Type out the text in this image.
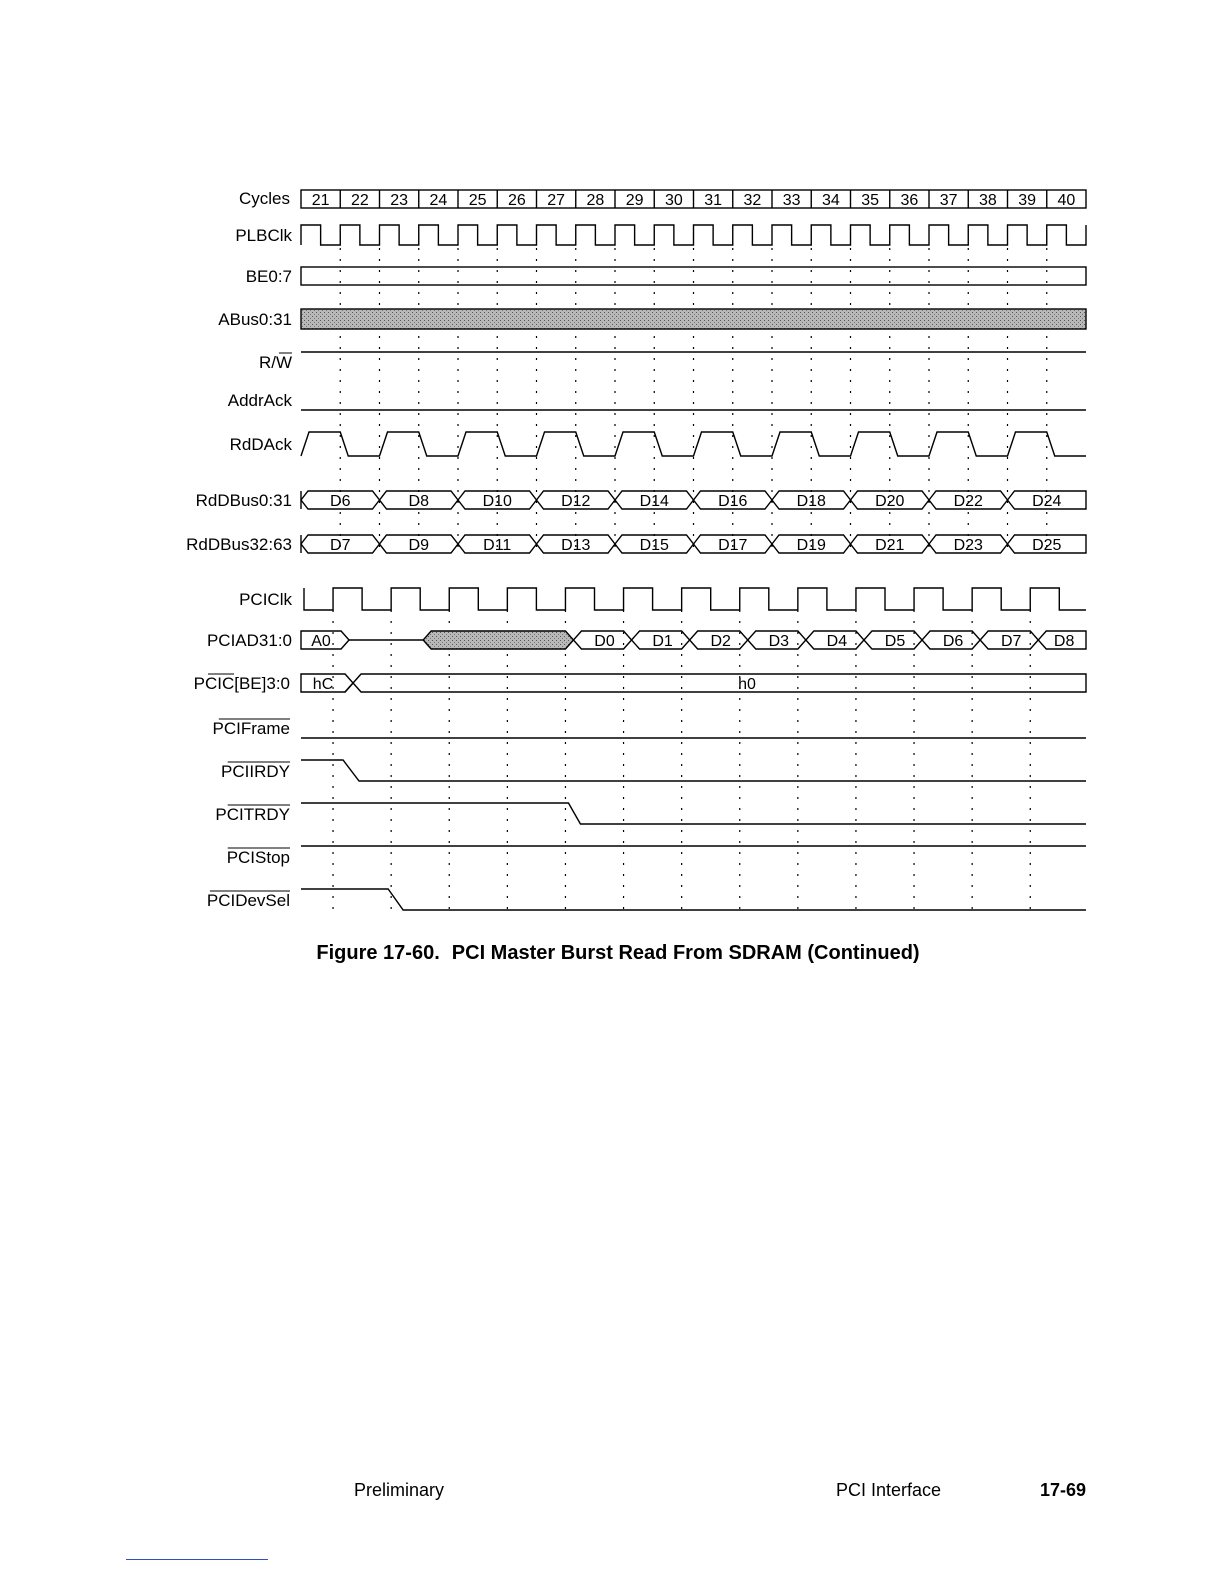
Cycles
PLBClk
BE0:7
ABus0:31
R/W
AddrAck
RdDAck
RdDBus0:31
RdDBus32:63
PCIClk
PCIAD31:0
PCIC[BE]3:0
PCIFrame
PCIIRDY
PCITRDY
PCIStop
PCIDevSel
21 22 23 24 25 26 27 28 29 30 31 32 33 34 35 36 37 38 39 40
D6	D8	D10	D12	D14	D16	D18	D20	D22	D24
D7	D9	D11	D13	D15	D17	D19	D21	D23	D25
A0	D0 D1 D2 D3 D4 D5 D6 D7 D8
hC	h0
Figure 17-60. PCI Master Burst Read From SDRAM (Continued)
Preliminary	PCI Interface	17-69
